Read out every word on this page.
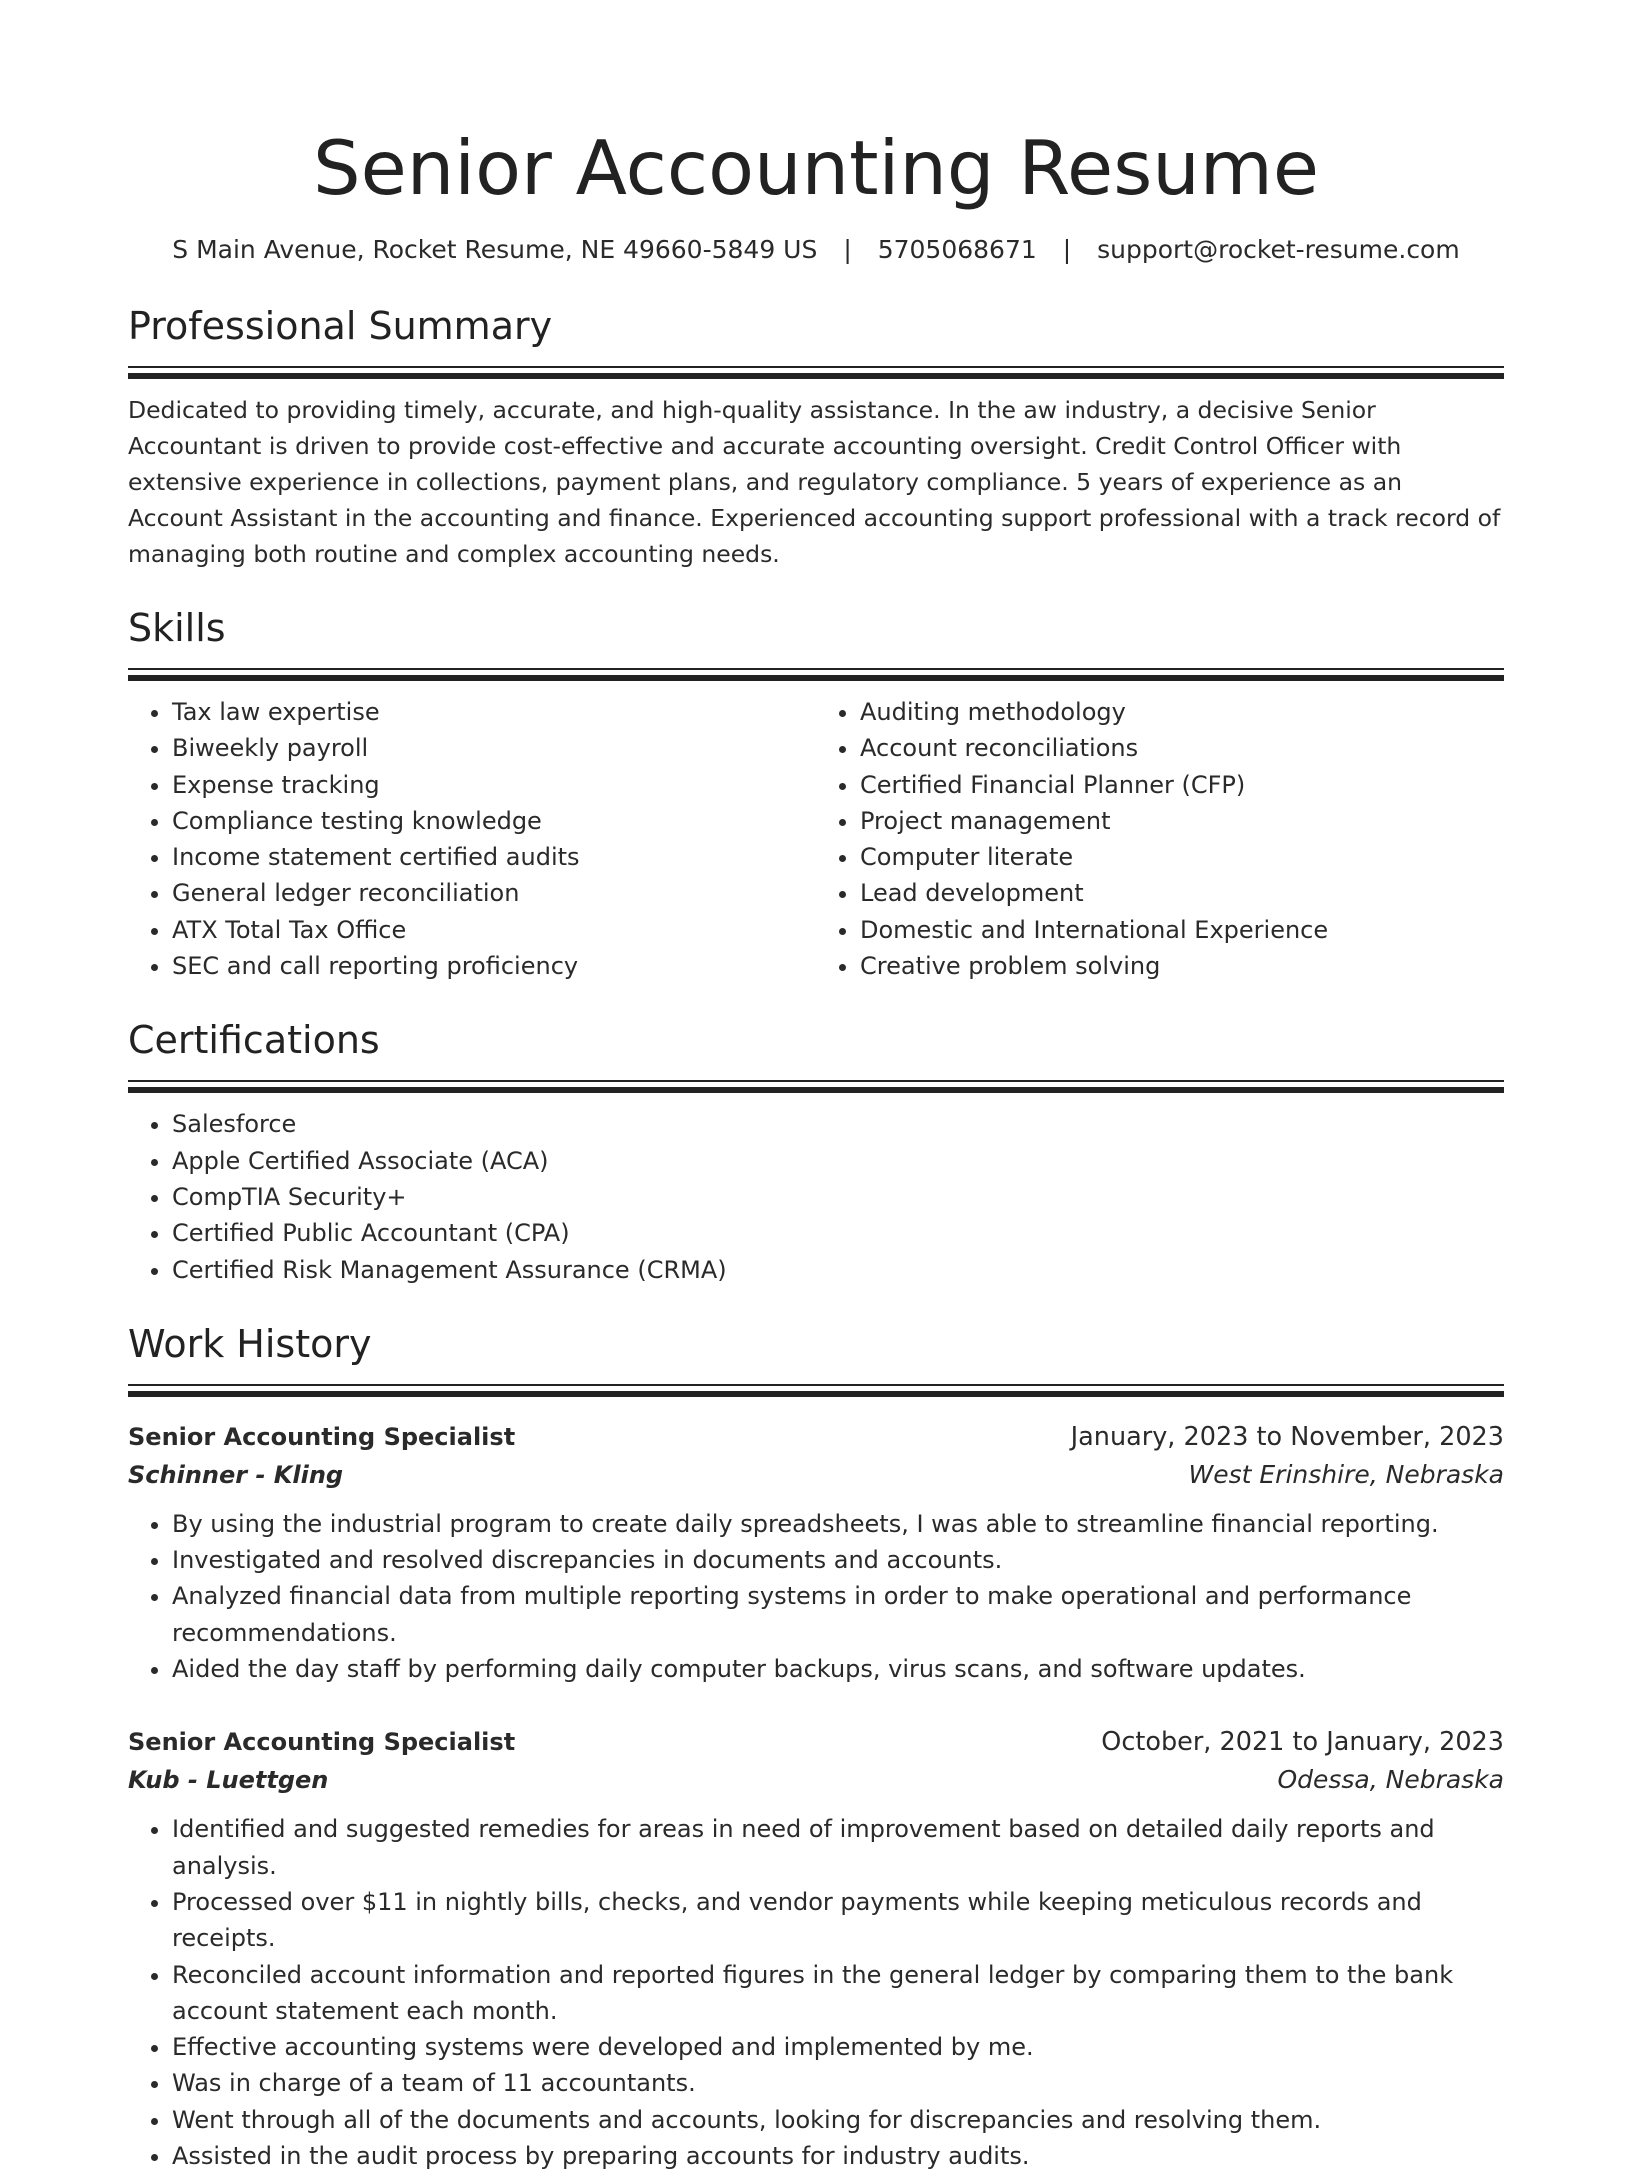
Senior Accounting Resume
S Main Avenue, Rocket Resume, NE 49660-5849 US | 5705068671 | support@rocket-resume.com
Professional Summary
Dedicated to providing timely, accurate, and high-quality assistance. In the aw industry, a decisive Senior Accountant is driven to provide cost-effective and accurate accounting oversight. Credit Control Officer with extensive experience in collections, payment plans, and regulatory compliance. 5 years of experience as an Account Assistant in the accounting and finance. Experienced accounting support professional with a track record of managing both routine and complex accounting needs.
Skills
• Tax law expertise
• Biweekly payroll
• Expense tracking
• Compliance testing knowledge
• Income statement certified audits
• General ledger reconciliation
• ATX Total Tax Office
• SEC and call reporting proficiency
• Auditing methodology
• Account reconciliations
• Certified Financial Planner (CFP)
• Project management
• Computer literate
• Lead development
• Domestic and International Experience
• Creative problem solving
Certifications
• Salesforce
• Apple Certified Associate (ACA)
• CompTIA Security+
• Certified Public Accountant (CPA)
• Certified Risk Management Assurance (CRMA)
Work History
Senior Accounting Specialist	January, 2023 to November, 2023
Schinner - Kling	West Erinshire, Nebraska
• By using the industrial program to create daily spreadsheets, I was able to streamline financial reporting.
• Investigated and resolved discrepancies in documents and accounts.
• Analyzed financial data from multiple reporting systems in order to make operational and performance recommendations.
• Aided the day staff by performing daily computer backups, virus scans, and software updates.
Senior Accounting Specialist	October, 2021 to January, 2023
Kub - Luettgen	Odessa, Nebraska
• Identified and suggested remedies for areas in need of improvement based on detailed daily reports and analysis.
• Processed over $11 in nightly bills, checks, and vendor payments while keeping meticulous records and receipts.
• Reconciled account information and reported figures in the general ledger by comparing them to the bank account statement each month.
• Effective accounting systems were developed and implemented by me.
• Was in charge of a team of 11 accountants.
• Went through all of the documents and accounts, looking for discrepancies and resolving them.
• Assisted in the audit process by preparing accounts for industry audits.
